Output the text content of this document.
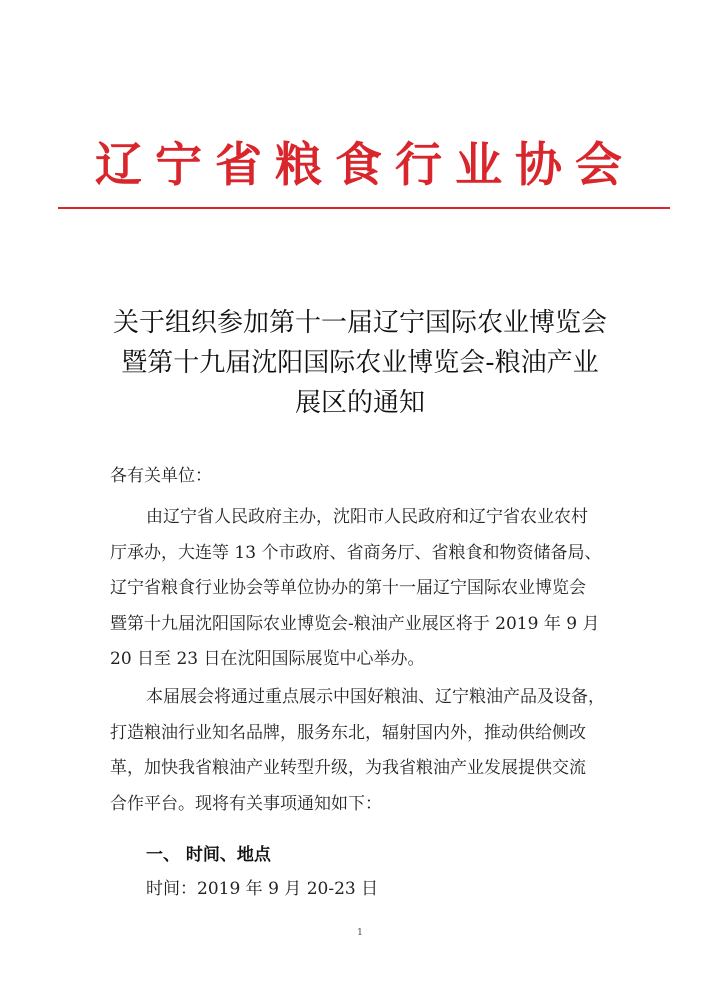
辽宁省粮食行业协会
关于组织参加第十一届辽宁国际农业博览会
暨第十九届沈阳国际农业博览会-粮油产业
展区的通知
各有关单位：
由辽宁省人民政府主办，沈阳市人民政府和辽宁省农业农村
厅承办，大连等 13 个市政府、省商务厅、省粮食和物资储备局、
辽宁省粮食行业协会等单位协办的第十一届辽宁国际农业博览会
暨第十九届沈阳国际农业博览会-粮油产业展区将于 2019 年 9 月
20 日至 23 日在沈阳国际展览中心举办。
本届展会将通过重点展示中国好粮油、辽宁粮油产品及设备，
打造粮油行业知名品牌，服务东北，辐射国内外，推动供给侧改
革，加快我省粮油产业转型升级，为我省粮油产业发展提供交流
合作平台。现将有关事项通知如下：
一、 时间、地点
时间：2019 年 9 月 20-23 日
1
